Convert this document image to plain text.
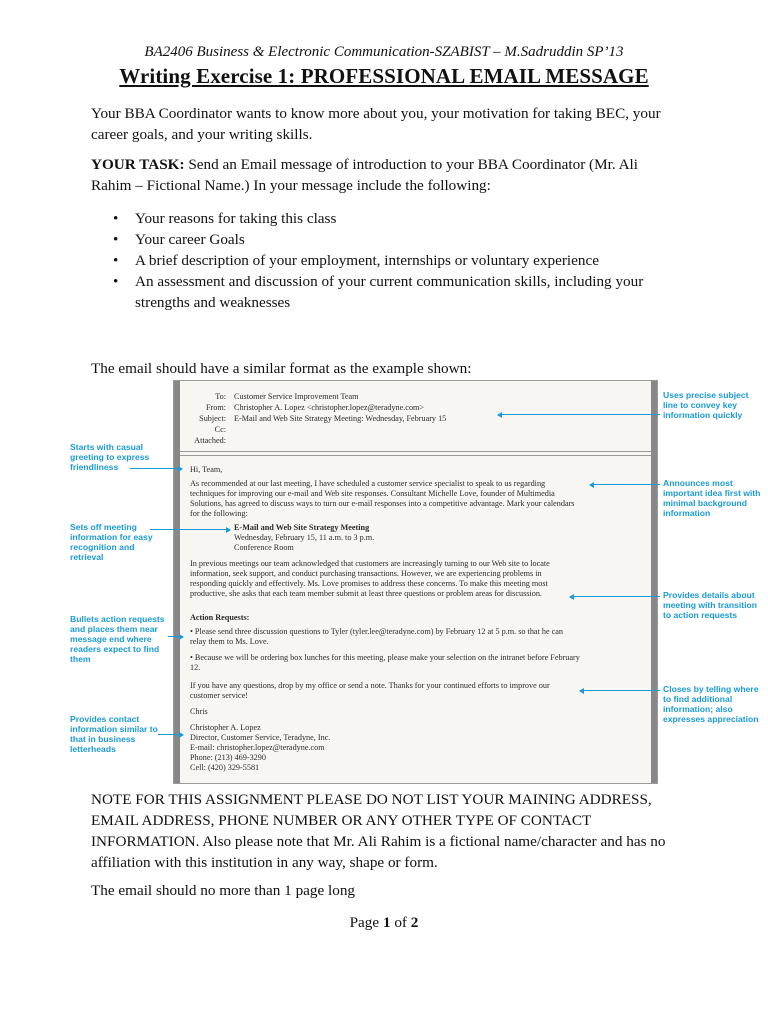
BA2406 Business & Electronic Communication-SZABIST – M.Sadruddin SP’13
Writing Exercise 1: PROFESSIONAL EMAIL MESSAGE
Your BBA Coordinator wants to know more about you, your motivation for taking BEC, your career goals, and your writing skills.
YOUR TASK: Send an Email message of introduction to your BBA Coordinator (Mr. Ali Rahim – Fictional Name.) In your message include the following:
• Your reasons for taking this class
• Your career Goals
• A brief description of your employment, internships or voluntary experience
• An assessment and discussion of your current communication skills, including your strengths and weaknesses
The email should have a similar format as the example shown:
To: Customer Service Improvement Team
From: Christopher A. Lopez <christopher.lopez@teradyne.com>
Subject: E-Mail and Web Site Strategy Meeting: Wednesday, February 15
Cc:
Attached:
Hi, Team,
As recommended at our last meeting, I have scheduled a customer service specialist to speak to us regarding techniques for improving our e-mail and Web site responses. Consultant Michelle Love, founder of Multimedia Solutions, has agreed to discuss ways to turn our e-mail responses into a competitive advantage. Mark your calendars for the following:
E-Mail and Web Site Strategy Meeting
Wednesday, February 15, 11 a.m. to 3 p.m.
Conference Room
In previous meetings our team acknowledged that customers are increasingly turning to our Web site to locate information, seek support, and conduct purchasing transactions. However, we are experiencing problems in responding quickly and effectively. Ms. Love promises to address these concerns. To make this meeting most productive, she asks that each team member submit at least three questions or problem areas for discussion.
Action Requests:
• Please send three discussion questions to Tyler (tyler.lee@teradyne.com) by February 12 at 5 p.m. so that he can relay them to Ms. Love.
• Because we will be ordering box lunches for this meeting, please make your selection on the intranet before February 12.
If you have any questions, drop by my office or send a note. Thanks for your continued efforts to improve our customer service!
Chris
Christopher A. Lopez
Director, Customer Service, Teradyne, Inc.
E-mail: christopher.lopez@teradyne.com
Phone: (213) 469-3290
Cell: (420) 329-5581
Starts with casual greeting to express friendliness
Sets off meeting information for easy recognition and retrieval
Bullets action requests and places them near message end where readers expect to find them
Provides contact information similar to that in business letterheads
Uses precise subject line to convey key information quickly
Announces most important idea first with minimal background information
Provides details about meeting with transition to action requests
Closes by telling where to find additional information; also expresses appreciation
NOTE FOR THIS ASSIGNMENT PLEASE DO NOT LIST YOUR MAINING ADDRESS, EMAIL ADDRESS, PHONE NUMBER OR ANY OTHER TYPE OF CONTACT INFORMATION. Also please note that Mr. Ali Rahim is a fictional name/character and has no affiliation with this institution in any way, shape or form.
The email should no more than 1 page long
Page 1 of 2
